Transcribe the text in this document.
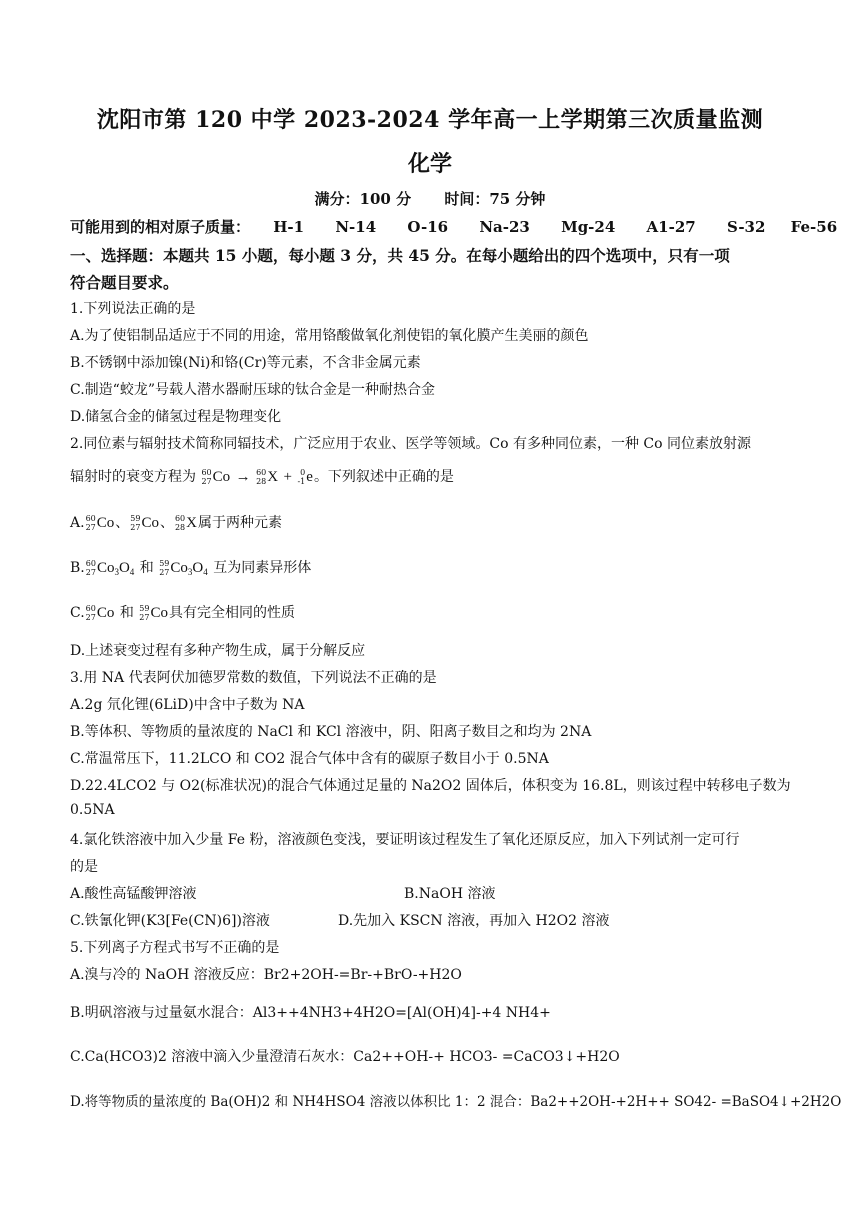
沈阳市第 120 中学 2023-2024 学年高一上学期第三次质量监测
化学
满分：100 分 时间：75 分钟
可能用到的相对原子质量： H-1 N-14 O-16 Na-23 Mg-24 A1-27 S-32 Fe-56
一、选择题：本题共 15 小题，每小题 3 分，共 45 分。在每小题给出的四个选项中，只有一项
符合题目要求。
1.下列说法正确的是
A.为了使铝制品适应于不同的用途，常用铬酸做氧化剂使铝的氧化膜产生美丽的颜色
B.不锈钢中添加镍(Ni)和铬(Cr)等元素，不含非金属元素
C.制造“蛟龙”号载人潜水器耐压球的钛合金是一种耐热合金
D.储氢合金的储氢过程是物理变化
2.同位素与辐射技术简称同辐技术，广泛应用于农业、医学等领域。Co 有多种同位素，一种 Co 同位素放射源
辐射时的衰变方程为 60
27 Co → 60
28 X +	0
-1 e 。下列叙述中正确的是
A. 60
27 Co 、 59
27 Co 、 60
28 X 属于两种元素
B. 60
27 $Co_3O_4$ 和 59
27 $Co_3O_4$ 互为同素异形体
C. 60
27 Co 和 59
27 Co 具有完全相同的性质
D.上述衰变过程有多种产物生成，属于分解反应
3.用 NA 代表阿伏加德罗常数的数值，下列说法不正确的是
A.2g 氘化锂(6LiD)中含中子数为 NA
B.等体积、等物质的量浓度的 NaCl 和 KCl 溶液中，阴、阳离子数目之和均为 2NA
C.常温常压下，11.2LCO 和 CO2 混合气体中含有的碳原子数目小于 0.5NA
D.22.4LCO2 与 O2(标准状况)的混合气体通过足量的 Na2O2 固体后，体积变为 16.8L，则该过程中转移电子数为
0.5NA
4.氯化铁溶液中加入少量 Fe 粉，溶液颜色变浅，要证明该过程发生了氧化还原反应，加入下列试剂一定可行
的是
A.酸性高锰酸钾溶液	B.NaOH 溶液
C.铁氰化钾(K3[Fe(CN)6])溶液	D.先加入 KSCN 溶液，再加入 H2O2 溶液
5.下列离子方程式书写不正确的是
A.溴与冷的 NaOH 溶液反应：Br2+2OH-=Br-+BrO-+H2O
B.明矾溶液与过量氨水混合：Al3++4NH3+4H2O=[Al(OH)4]-+4 NH4+
C.Ca(HCO3)2 溶液中滴入少量澄清石灰水：Ca2++OH-+ HCO3- =CaCO3↓+H2O
D.将等物质的量浓度的 Ba(OH)2 和 NH4HSO4 溶液以体积比 1：2 混合：Ba2++2OH-+2H++ SO42- =BaSO4↓+2H2O
